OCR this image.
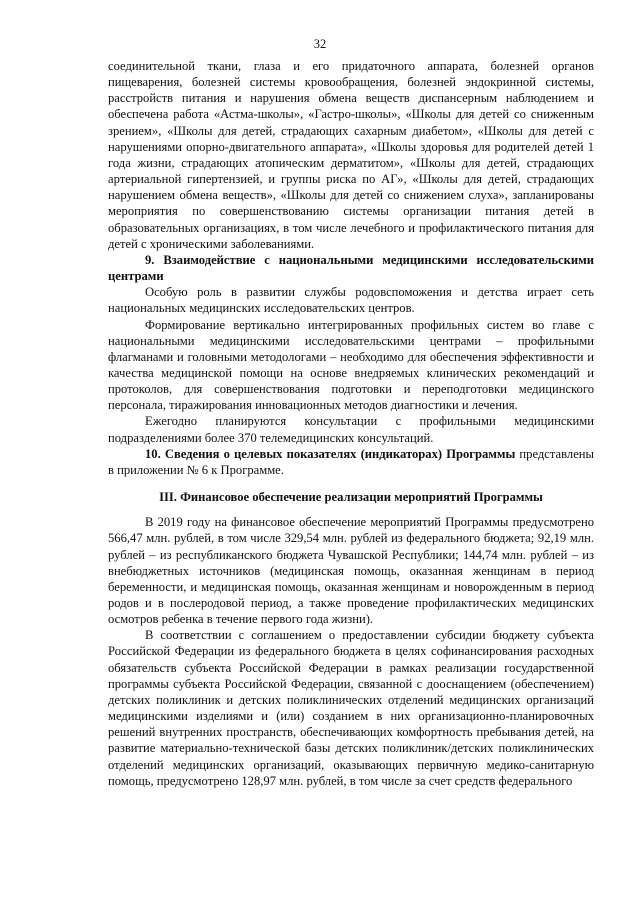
32

соединительной ткани, глаза и его придаточного аппарата, болезней органов пищеварения, болезней системы кровообращения, болезней эндокринной системы, расстройств питания и нарушения обмена веществ диспансерным наблюдением и обеспечена работа «Астма-школы», «Гастро-школы», «Школы для детей со сниженным зрением», «Школы для детей, страдающих сахарным диабетом», «Школы для детей с нарушениями опорно-двигательного аппарата», «Школы здоровья для родителей детей 1 года жизни, страдающих атопическим дерматитом», «Школы для детей, страдающих артериальной гипертензией, и группы риска по АГ», «Школы для детей, страдающих нарушением обмена веществ», «Школы для детей со снижением слуха», запланированы мероприятия по совершенствованию системы организации питания детей в образовательных организациях, в том числе лечебного и профилактического питания для детей с хроническими заболеваниями.

9. Взаимодействие с национальными медицинскими исследовательскими центрами

Особую роль в развитии службы родовспоможения и детства играет сеть национальных медицинских исследовательских центров.

Формирование вертикально интегрированных профильных систем во главе с национальными медицинскими исследовательскими центрами – профильными флагманами и головными методологами – необходимо для обеспечения эффективности и качества медицинской помощи на основе внедряемых клинических рекомендаций и протоколов, для совершенствования подготовки и переподготовки медицинского персонала, тиражирования инновационных методов диагностики и лечения.

Ежегодно планируются консультации с профильными медицинскими подразделениями более 370 телемедицинских консультаций.

10. Сведения о целевых показателях (индикаторах) Программы представлены в приложении № 6 к Программе.

III. Финансовое обеспечение реализации мероприятий Программы

В 2019 году на финансовое обеспечение мероприятий Программы предусмотрено 566,47 млн. рублей, в том числе 329,54 млн. рублей из федерального бюджета; 92,19 млн. рублей – из республиканского бюджета Чувашской Республики; 144,74 млн. рублей – из внебюджетных источников (медицинская помощь, оказанная женщинам в период беременности, и медицинская помощь, оказанная женщинам и новорожденным в период родов и в послеродовой период, а также проведение профилактических медицинских осмотров ребенка в течение первого года жизни).

В соответствии с соглашением о предоставлении субсидии бюджету субъекта Российской Федерации из федерального бюджета в целях софинансирования расходных обязательств субъекта Российской Федерации в рамках реализации государственной программы субъекта Российской Федерации, связанной с дооснащением (обеспечением) детских поликлиник и детских поликлинических отделений медицинских организаций медицинскими изделиями и (или) созданием в них организационно-планировочных решений внутренних пространств, обеспечивающих комфортность пребывания детей, на развитие материально-технической базы детских поликлиник/детских поликлинических отделений медицинских организаций, оказывающих первичную медико-санитарную помощь, предусмотрено 128,97 млн. рублей, в том числе за счет средств федерального
